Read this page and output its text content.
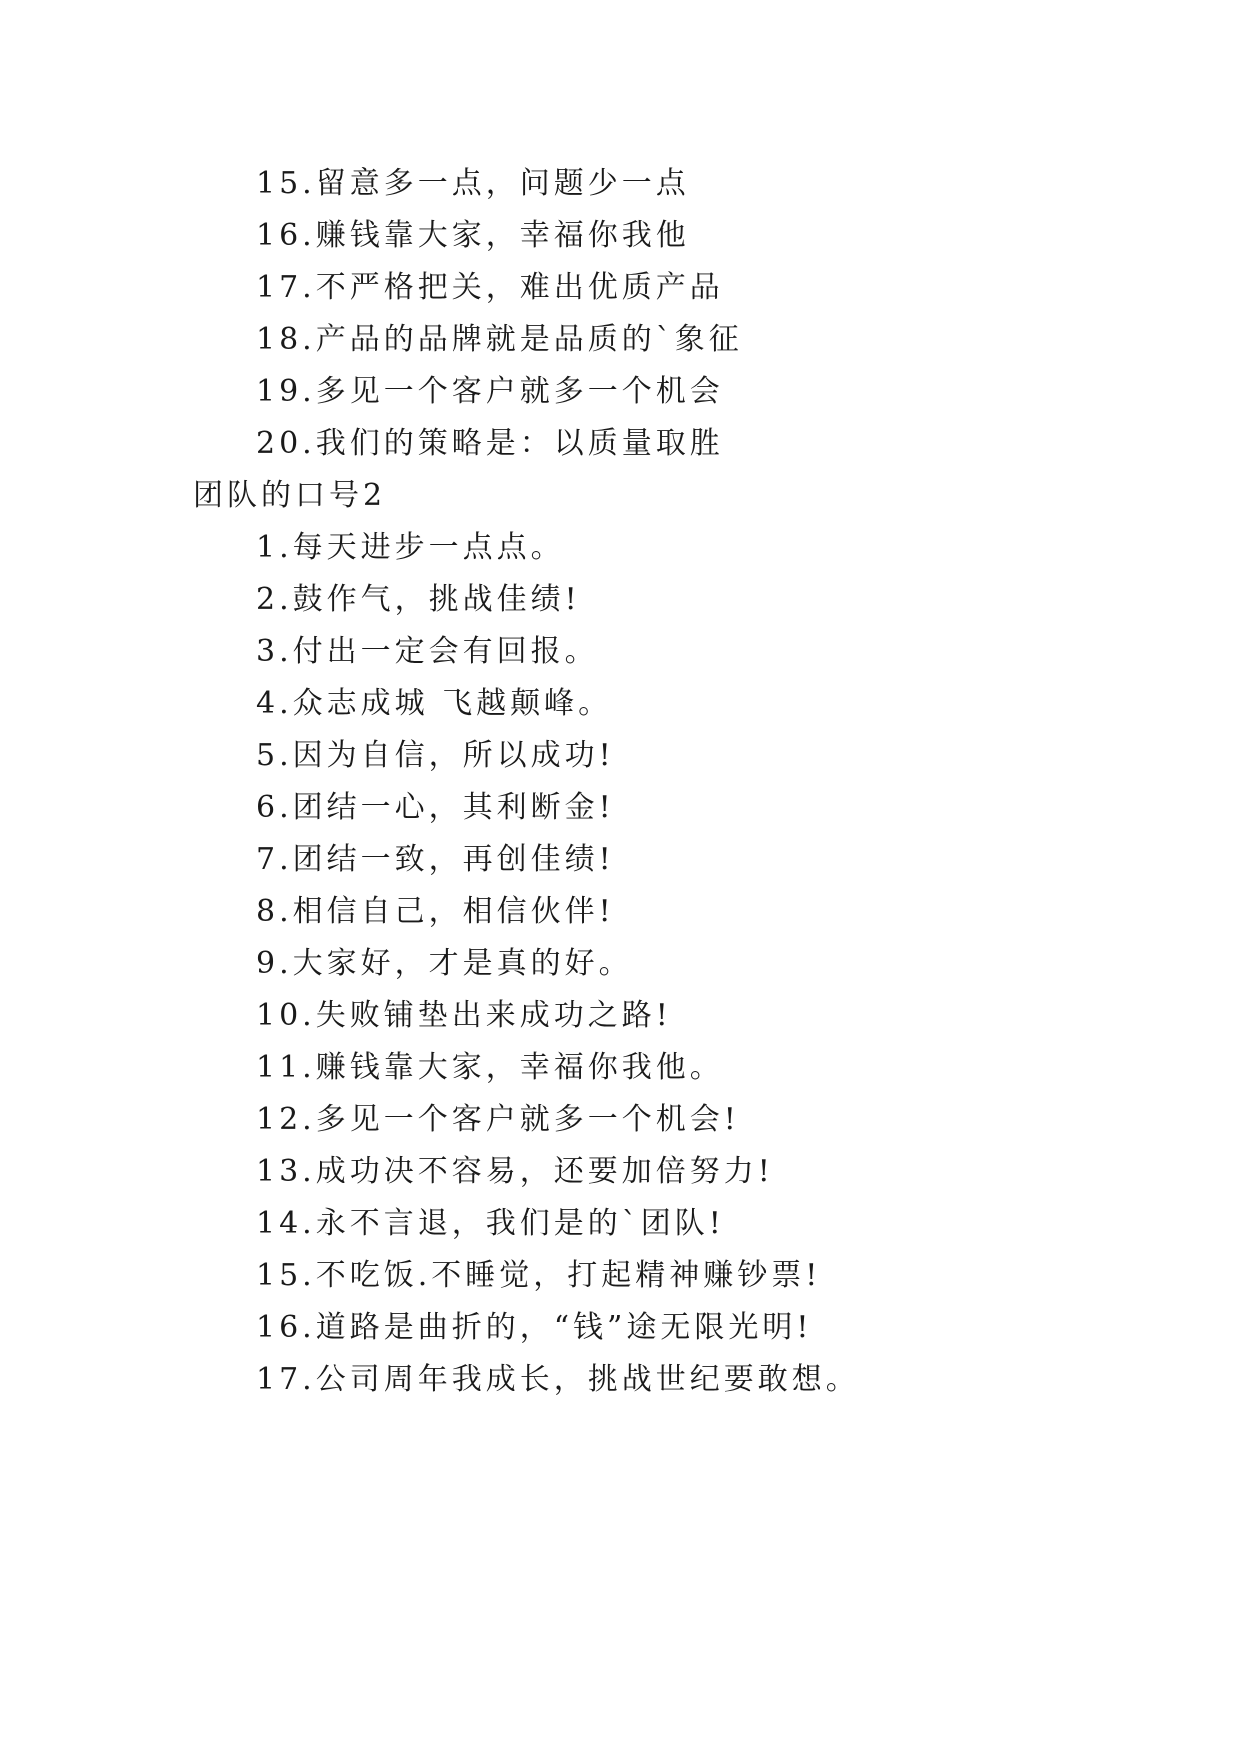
15.留意多一点，问题少一点
16.赚钱靠大家，幸福你我他
17.不严格把关，难出优质产品
18.产品的品牌就是品质的`象征
19.多见一个客户就多一个机会
20.我们的策略是：以质量取胜
团队的口号2
1.每天进步一点点。
2.鼓作气，挑战佳绩!
3.付出一定会有回报。
4.众志成城 飞越颠峰。
5.因为自信，所以成功!
6.团结一心，其利断金!
7.团结一致，再创佳绩!
8.相信自己，相信伙伴!
9.大家好，才是真的好。
10.失败铺垫出来成功之路!
11.赚钱靠大家，幸福你我他。
12.多见一个客户就多一个机会!
13.成功决不容易，还要加倍努力!
14.永不言退，我们是的`团队!
15.不吃饭.不睡觉，打起精神赚钞票!
16.道路是曲折的，“钱”途无限光明!
17.公司周年我成长，挑战世纪要敢想。
